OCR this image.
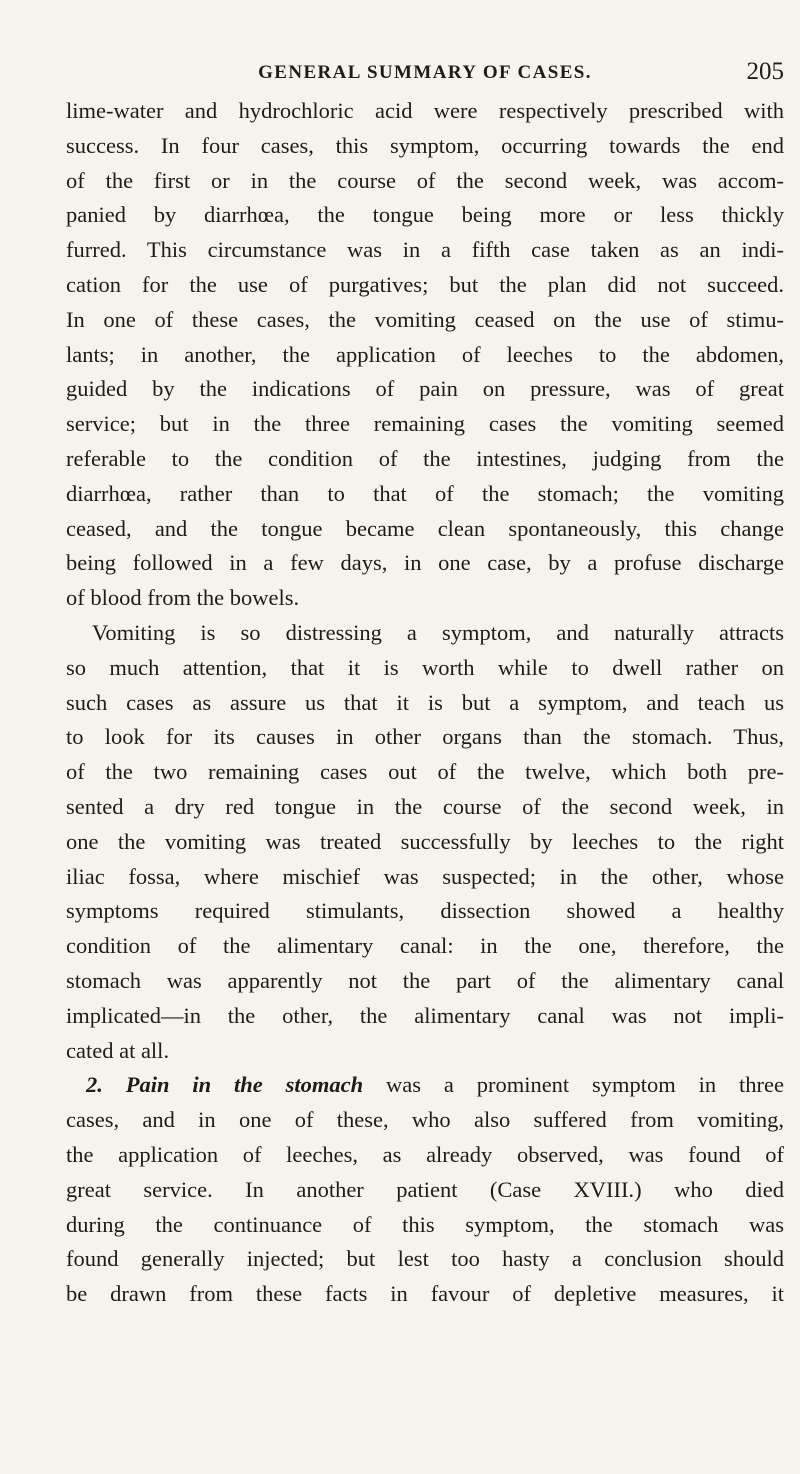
GENERAL SUMMARY OF CASES.	205
lime-water and hydrochloric acid were respectively prescribed with
success. In four cases, this symptom, occurring towards the end
of the first or in the course of the second week, was accom-
panied by diarrhœa, the tongue being more or less thickly
furred. This circumstance was in a fifth case taken as an indi-
cation for the use of purgatives; but the plan did not succeed.
In one of these cases, the vomiting ceased on the use of stimu-
lants; in another, the application of leeches to the abdomen,
guided by the indications of pain on pressure, was of great
service; but in the three remaining cases the vomiting seemed
referable to the condition of the intestines, judging from the
diarrhœa, rather than to that of the stomach; the vomiting
ceased, and the tongue became clean spontaneously, this change
being followed in a few days, in one case, by a profuse discharge
of blood from the bowels.
Vomiting is so distressing a symptom, and naturally attracts
so much attention, that it is worth while to dwell rather on
such cases as assure us that it is but a symptom, and teach us
to look for its causes in other organs than the stomach. Thus,
of the two remaining cases out of the twelve, which both pre-
sented a dry red tongue in the course of the second week, in
one the vomiting was treated successfully by leeches to the right
iliac fossa, where mischief was suspected; in the other, whose
symptoms required stimulants, dissection showed a healthy
condition of the alimentary canal: in the one, therefore, the
stomach was apparently not the part of the alimentary canal
implicated—in the other, the alimentary canal was not impli-
cated at all.
2. Pain in the stomach was a prominent symptom in three
cases, and in one of these, who also suffered from vomiting,
the application of leeches, as already observed, was found of
great service. In another patient (Case XVIII.) who died
during the continuance of this symptom, the stomach was
found generally injected; but lest too hasty a conclusion should
be drawn from these facts in favour of depletive measures, it
